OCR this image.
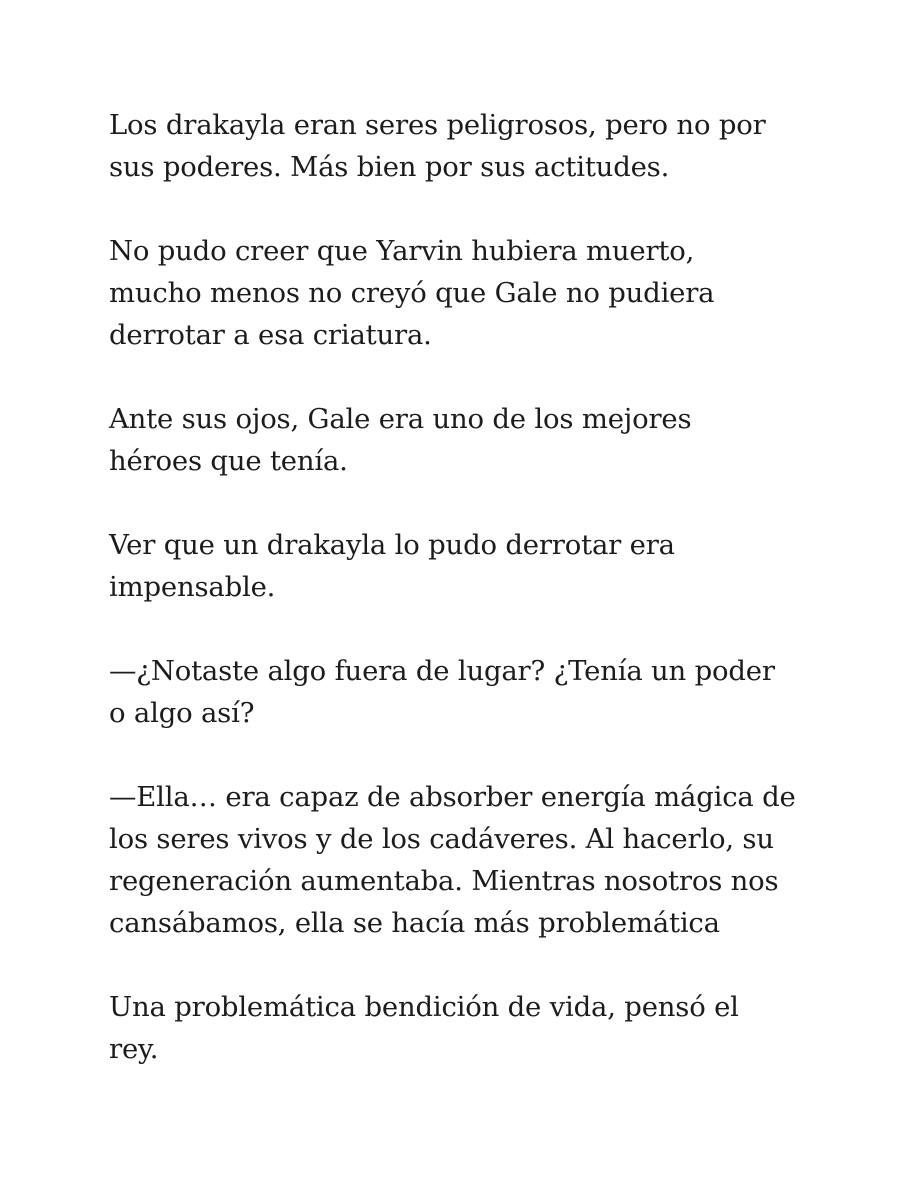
Los drakayla eran seres peligrosos, pero no por
sus poderes. Más bien por sus actitudes.

No pudo creer que Yarvin hubiera muerto,
mucho menos no creyó que Gale no pudiera
derrotar a esa criatura.

Ante sus ojos, Gale era uno de los mejores
héroes que tenía.

Ver que un drakayla lo pudo derrotar era
impensable.

—¿Notaste algo fuera de lugar? ¿Tenía un poder
o algo así?

—Ella… era capaz de absorber energía mágica de
los seres vivos y de los cadáveres. Al hacerlo, su
regeneración aumentaba. Mientras nosotros nos
cansábamos, ella se hacía más problemática

Una problemática bendición de vida, pensó el
rey.
